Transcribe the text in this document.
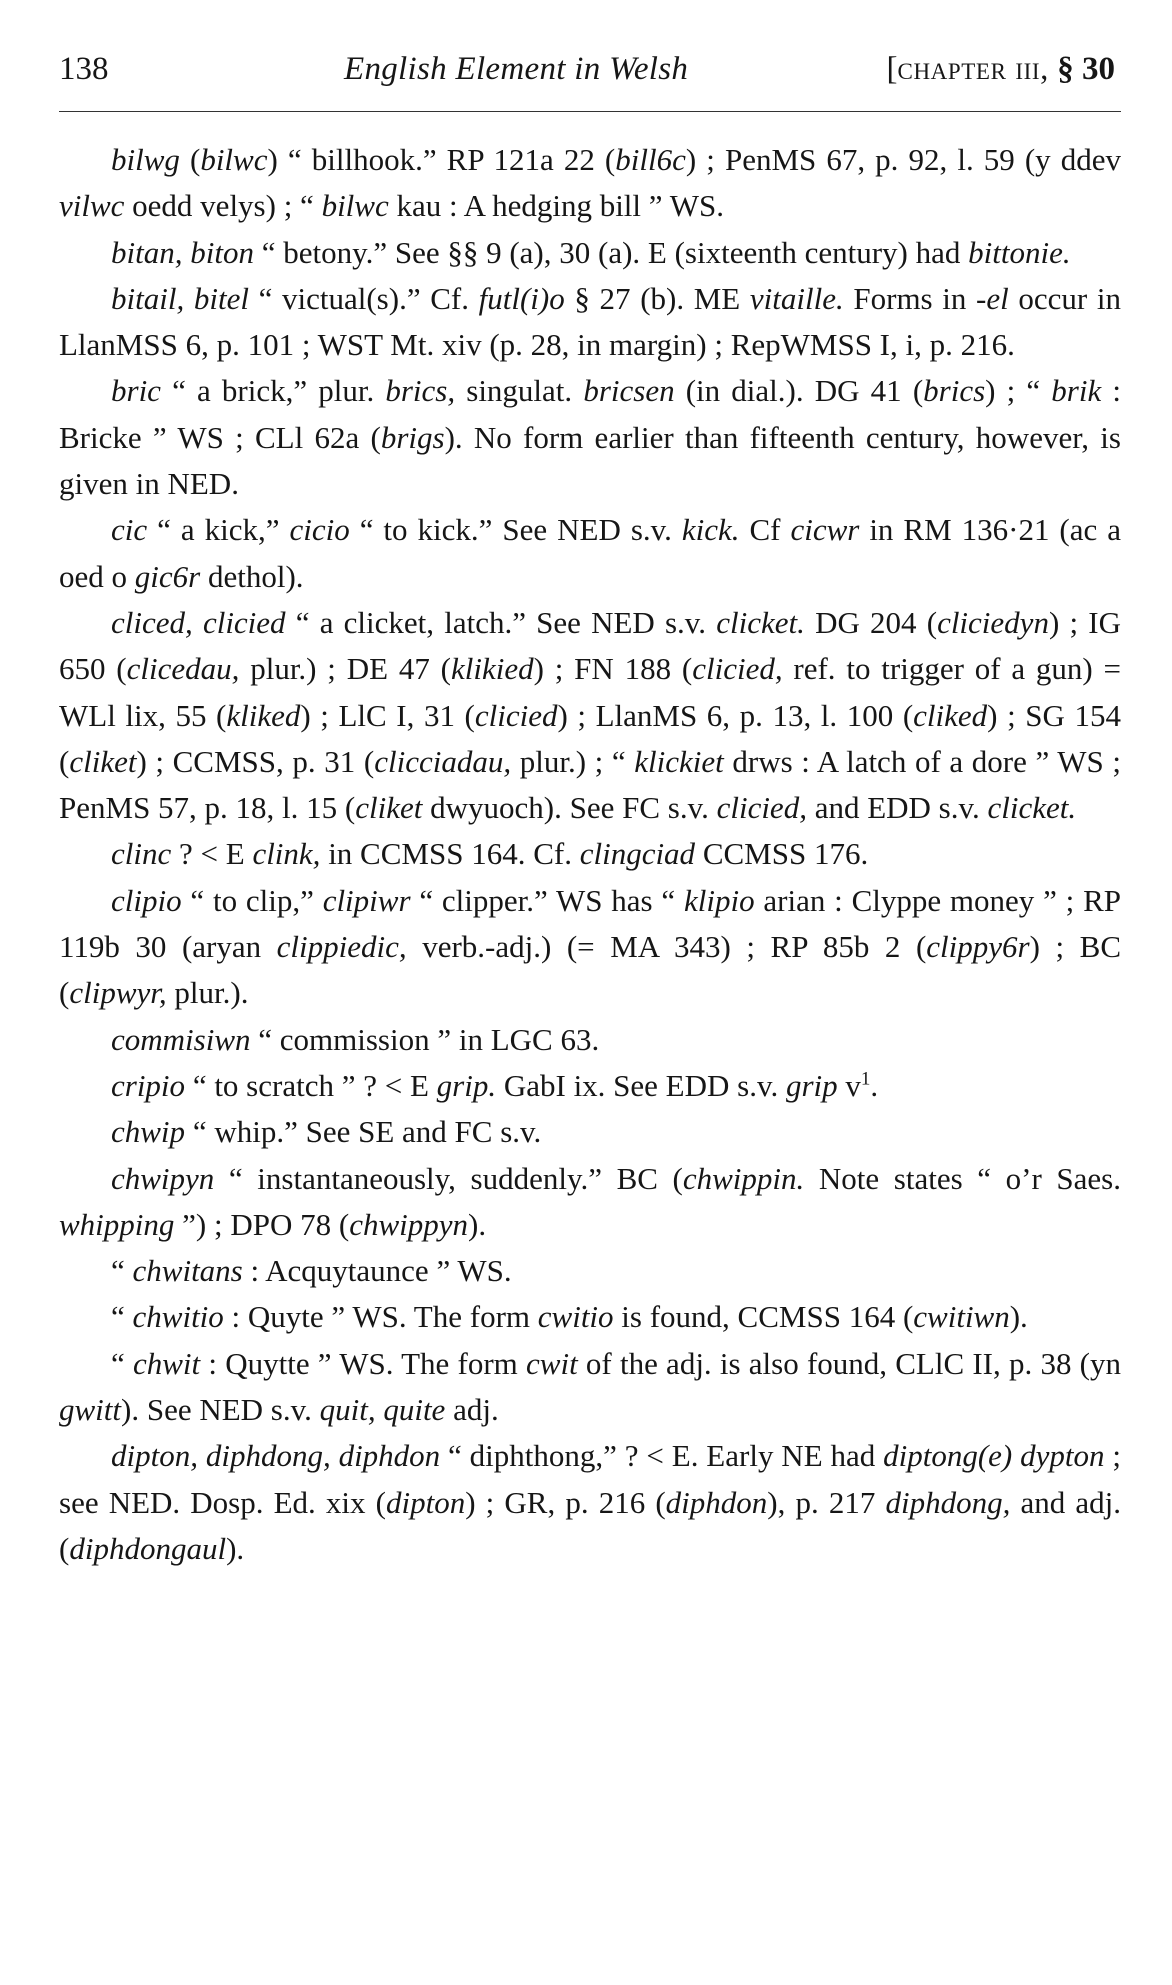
138	English Element in Welsh	[chapter iii, § 30

bilwg (bilwc) “ billhook.” RP 121a 22 (bill6c) ; PenMS 67, p. 92, l. 59 (y ddev vilwc oedd velys) ; “ bilwc kau : A hedging bill ” WS.

bitan, biton “ betony.” See §§ 9 (a), 30 (a). E (sixteenth century) had bittonie.

bitail, bitel “ victual(s).” Cf. futl(i)o § 27 (b). ME vitaille. Forms in -el occur in LlanMSS 6, p. 101 ; WST Mt. xiv (p. 28, in margin) ; RepWMSS I, i, p. 216.

bric “ a brick,” plur. brics, singulat. bricsen (in dial.). DG 41 (brics) ; “ brik : Bricke ” WS ; CLl 62a (brigs). No form earlier than fifteenth century, however, is given in NED.

cic “ a kick,” cicio “ to kick.” See NED s.v. kick. Cf cicwr in RM 136·21 (ac a oed o gic6r dethol).

cliced, clicied “ a clicket, latch.” See NED s.v. clicket. DG 204 (cliciedyn) ; IG 650 (clicedau, plur.) ; DE 47 (klikied) ; FN 188 (clicied, ref. to trigger of a gun) = WLl lix, 55 (kliked) ; LlC I, 31 (clicied) ; LlanMS 6, p. 13, l. 100 (cliked) ; SG 154 (cliket) ; CCMSS, p. 31 (clicciadau, plur.) ; “ klickiet drws : A latch of a dore ” WS ; PenMS 57, p. 18, l. 15 (cliket dwyuoch). See FC s.v. clicied, and EDD s.v. clicket.

clinc ? < E clink, in CCMSS 164. Cf. clingciad CCMSS 176.

clipio “ to clip,” clipiwr “ clipper.” WS has “ klipio arian : Clyppe money ” ; RP 119b 30 (aryan clippiedic, verb.-adj.) (= MA 343) ; RP 85b 2 (clippy6r) ; BC (clipwyr, plur.).

commisiwn “ commission ” in LGC 63.

cripio “ to scratch ” ? < E grip. GabI ix. See EDD s.v. grip $v^1$.

chwip “ whip.” See SE and FC s.v.

chwipyn “ instantaneously, suddenly.” BC (chwippin. Note states “ o’r Saes. whipping ”) ; DPO 78 (chwippyn).

“ chwitans : Acquytaunce ” WS.

“ chwitio : Quyte ” WS. The form cwitio is found, CCMSS 164 (cwitiwn).

“ chwit : Quytte ” WS. The form cwit of the adj. is also found, CLlC II, p. 38 (yn gwitt). See NED s.v. quit, quite adj.

dipton, diphdong, diphdon “ diphthong,” ? < E. Early NE had diptong(e) dypton ; see NED. Dosp. Ed. xix (dipton) ; GR, p. 216 (diphdon), p. 217 diphdong, and adj. (diphdongaul).
